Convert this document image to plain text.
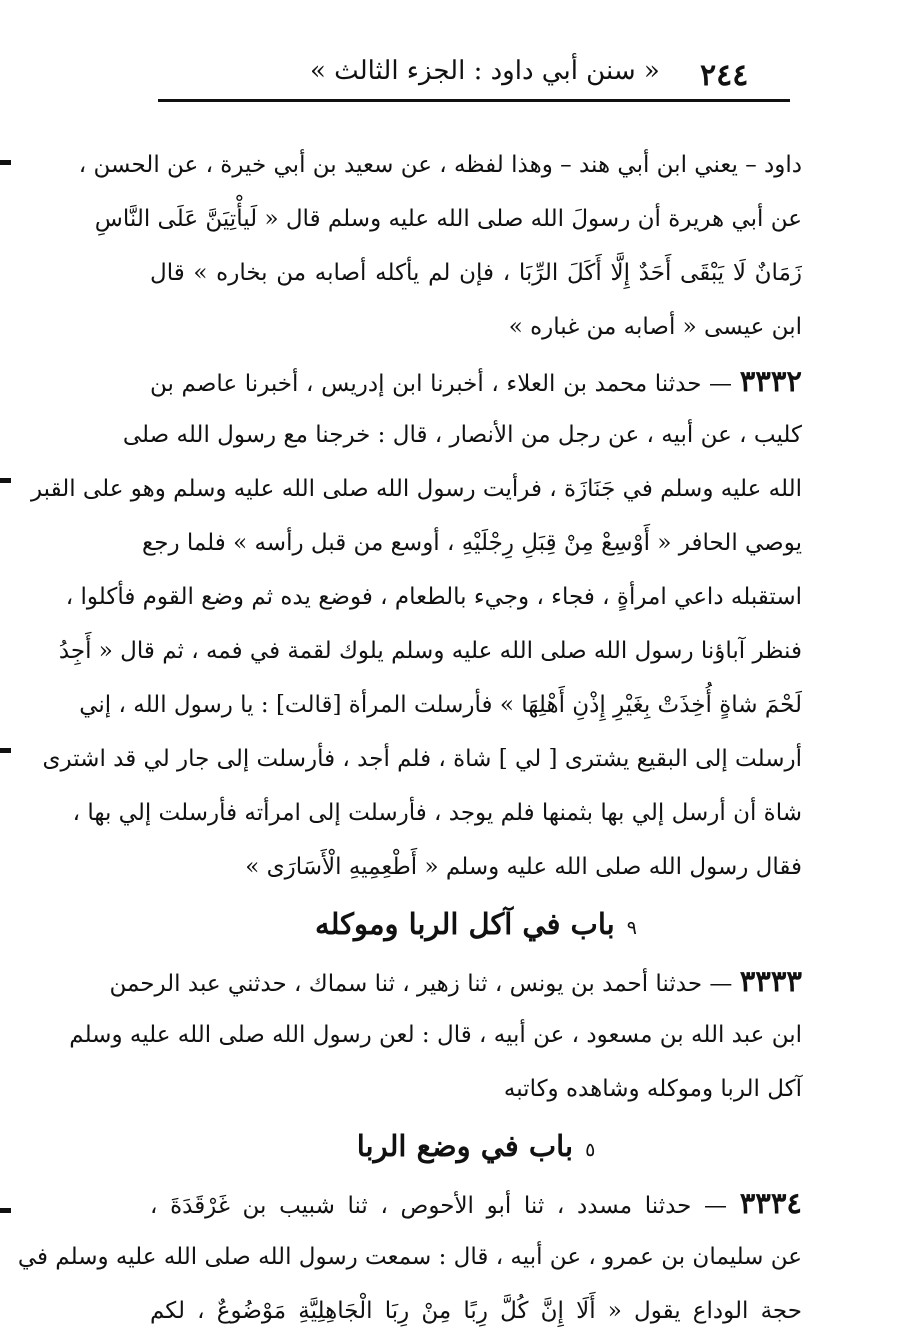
٢٤٤
« سنن أبي داود : الجزء الثالث »
داود – يعني ابن أبي هند – وهذا لفظه ، عن سعيد بن أبي خيرة ، عن الحسن ،
عن أبي هريرة أن رسولَ الله صلى الله عليه وسلم قال « لَيأْتِيَنَّ عَلَى النَّاسِ
زَمَانٌ لَا يَبْقَى أَحَدٌ إِلَّا أَكَلَ الرِّبَا ، فإن لم يأكله أصابه من بخاره » قال
ابن عيسى « أصابه من غباره »
٣٣٣٢ — حدثنا محمد بن العلاء ، أخبرنا ابن إدريس ، أخبرنا عاصم بن
كليب ، عن أبيه ، عن رجل من الأنصار ، قال : خرجنا مع رسول الله صلى
الله عليه وسلم في جَنَازَة ، فرأيت رسول الله صلى الله عليه وسلم وهو على القبر
يوصي الحافر « أَوْسِعْ مِنْ قِبَلِ رِجْلَيْهِ ، أوسع من قبل رأسه » فلما رجع
استقبله داعي امرأةٍ ، فجاء ، وجيء بالطعام ، فوضع يده ثم وضع القوم فأكلوا ،
فنظر آباؤنا رسول الله صلى الله عليه وسلم يلوك لقمة في فمه ، ثم قال « أَجِدُ
لَحْمَ شاةٍ أُخِذَتْ بِغَيْرِ إِذْنِ أَهْلِهَا » فأرسلت المرأة [قالت] : يا رسول الله ، إني
أرسلت إلى البقيع يشترى [ لي ] شاة ، فلم أجد ، فأرسلت إلى جار لي قد اشترى
شاة أن أرسل إلي بها بثمنها فلم يوجد ، فأرسلت إلى امرأته فأرسلت إلي بها ،
فقال رسول الله صلى الله عليه وسلم « أَطْعِمِيهِ الْأَسَارَى »
٩باب في آكل الربا وموكله
٣٣٣٣ — حدثنا أحمد بن يونس ، ثنا زهير ، ثنا سماك ، حدثني عبد الرحمن
ابن عبد الله بن مسعود ، عن أبيه ، قال : لعن رسول الله صلى الله عليه وسلم
آكل الربا وموكله وشاهده وكاتبه
٥باب في وضع الربا
٣٣٣٤ — حدثنا مسدد ، ثنا أبو الأحوص ، ثنا شبيب بن غَرْقَدَةَ ،
عن سليمان بن عمرو ، عن أبيه ، قال : سمعت رسول الله صلى الله عليه وسلم في
حجة الوداع يقول « أَلَا إِنَّ كُلَّ رِبًا مِنْ رِبَا الْجَاهِلِيَّةِ مَوْضُوعٌ ، لكم
